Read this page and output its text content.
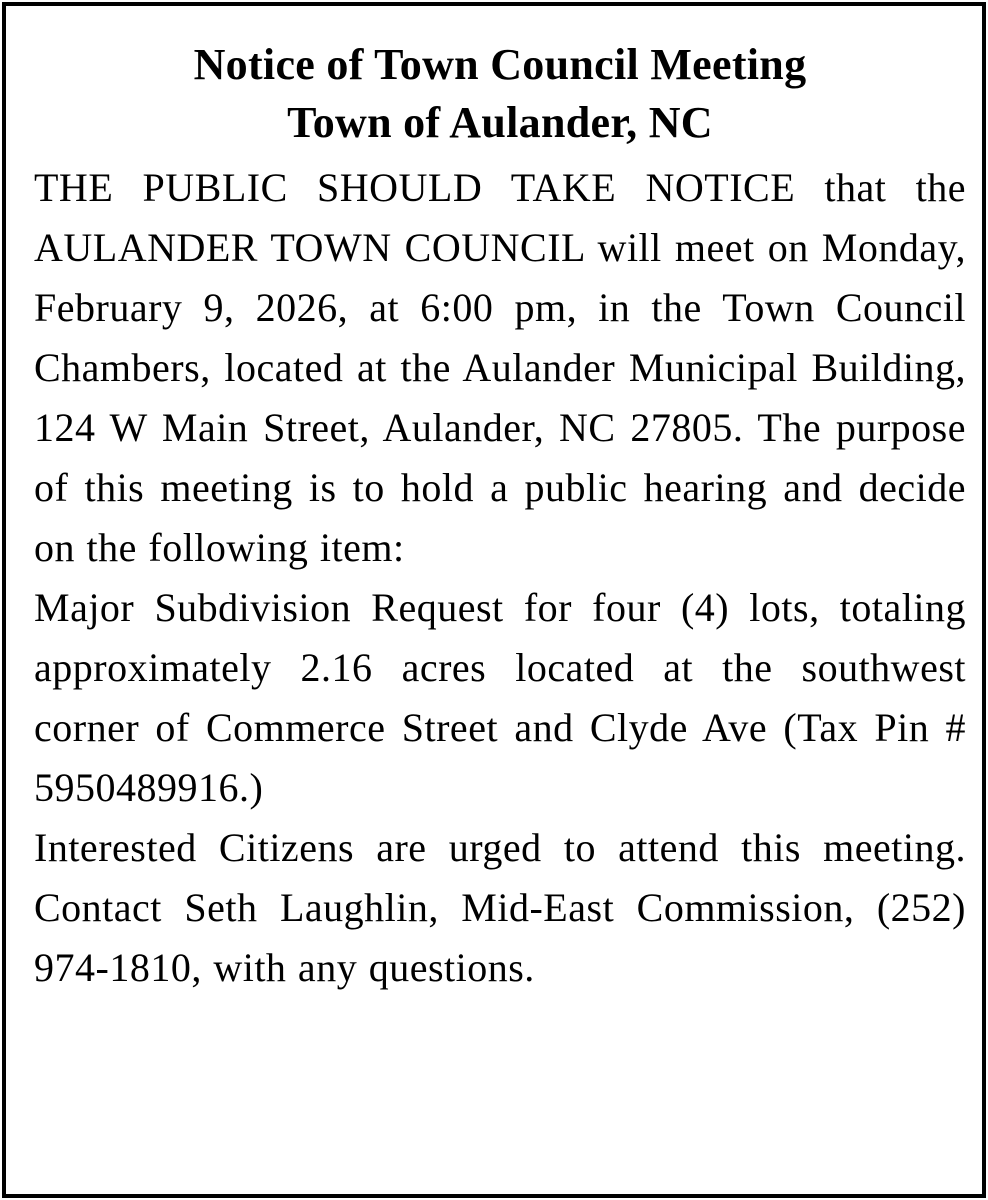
Notice of Town Council Meeting
Town of Aulander, NC

THE PUBLIC SHOULD TAKE NOTICE that the AULANDER TOWN COUNCIL will meet on Monday, February 9, 2026, at 6:00 pm, in the Town Council Chambers, located at the Aulander Municipal Building, 124 W Main Street, Aulander, NC 27805. The purpose of this meeting is to hold a public hearing and decide on the following item:

Major Subdivision Request for four (4) lots, totaling approximately 2.16 acres located at the southwest corner of Commerce Street and Clyde Ave (Tax Pin # 5950489916.)

Interested Citizens are urged to attend this meeting. Contact Seth Laughlin, Mid-East Commission, (252) 974-1810, with any questions.
